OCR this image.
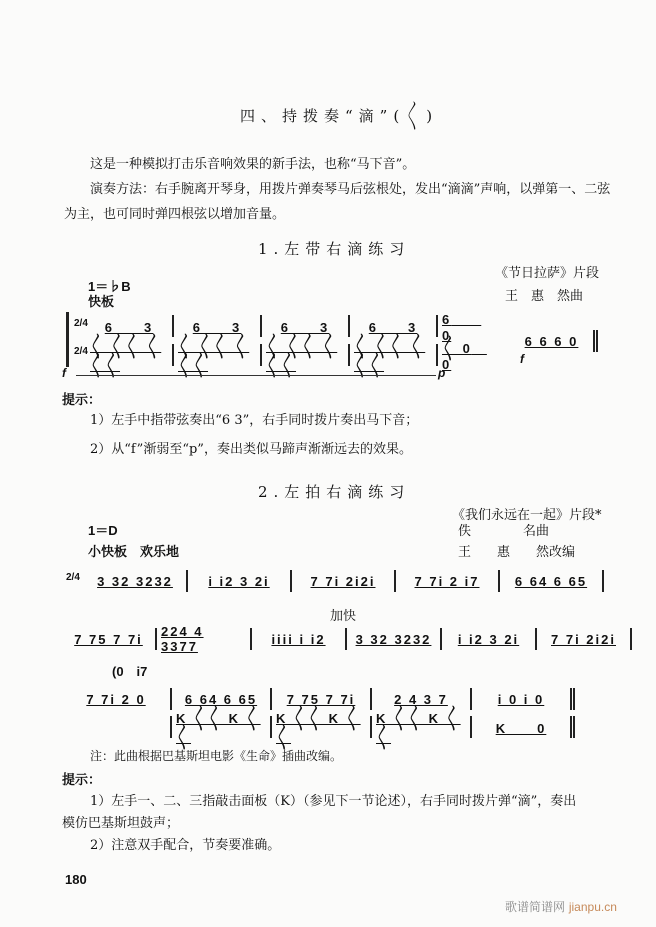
四、持拨奏“滴”(〱)
这是一种模拟打击乐音响效果的新手法，也称“马下音”。
演奏方法：右手腕离开琴身，用拨片弹奏琴马后弦根处，发出“滴滴”声响，以弹第一、二弦
为主，也可同时弹四根弦以增加音量。
1.左带右滴练习
《节日拉萨》片段
王　惠　然曲
1＝♭B
快板
2/4
2/4
6　　3	6　　3	6　　3	6　　3 6　　0
〱 〱〱 〱 〱〱
〱 〱〱 〱 〱〱
〱 〱〱 〱 〱〱
〱 〱〱 〱 〱〱
〱 0　0
6 6 6 0
f
f	p
提示：
1）左手中指带弦奏出“6 3”，右手同时拨片奏出马下音；
2）从“f”渐弱至“p”，奏出类似马蹄声渐渐远去的效果。
2.左拍右滴练习
《我们永远在一起》片段*
佚　　　　名曲
王　　惠　　然改编
1＝D
小快板　欢乐地
2/4 3 32 3232	i i2 3 2i	7 7i 2i2i	7 7i 2 i7	6 64 6 65
加快
7 75 7 7i 224 4 3377	iiii i i2 3 32 3232 i i2 3 2i 7 7i 2i2i
(0　i7
7 7i 2 0	6 64 6 65 7 75 7 7i	2 4 3 7	i 0 i 0
K 〱〱 K 〱〱
K 〱〱 K 〱〱
K 〱〱 K 〱〱
K　　0
注：此曲根据巴基斯坦电影《生命》插曲改编。
提示：
1）左手一、二、三指敲击面板（K）（参见下一节论述），右手同时拨片弹“滴”，奏出
模仿巴基斯坦鼓声；
2）注意双手配合，节奏要准确。
180
歌谱简谱网 jianpu.cn
